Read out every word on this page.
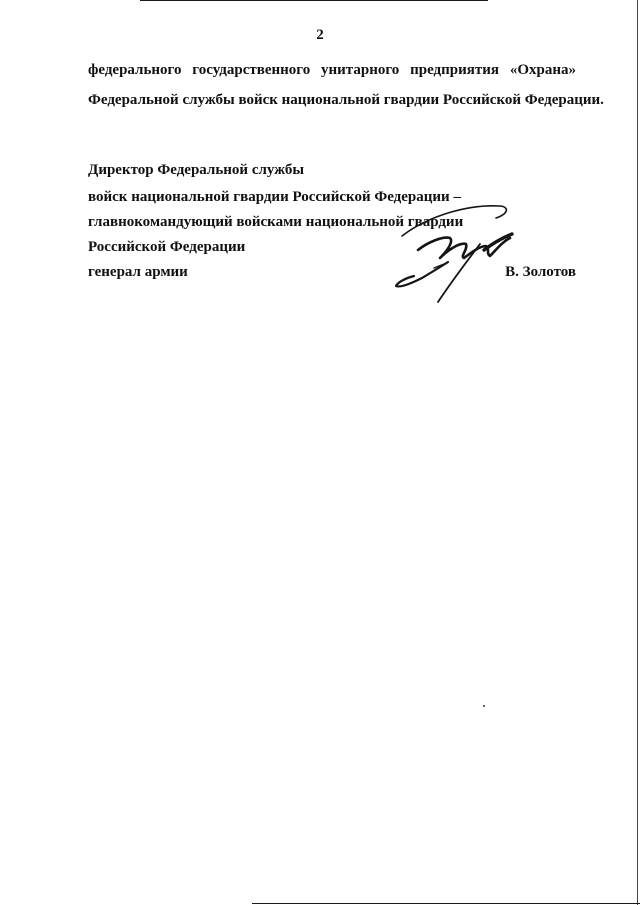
2
федерального государственного унитарного предприятия «Охрана»
Федеральной службы войск национальной гвардии Российской Федерации.
Директор Федеральной службы
войск национальной гвардии Российской Федерации –
главнокомандующий войсками национальной гвардии
Российской Федерации
генерал армии	В. Золотов
